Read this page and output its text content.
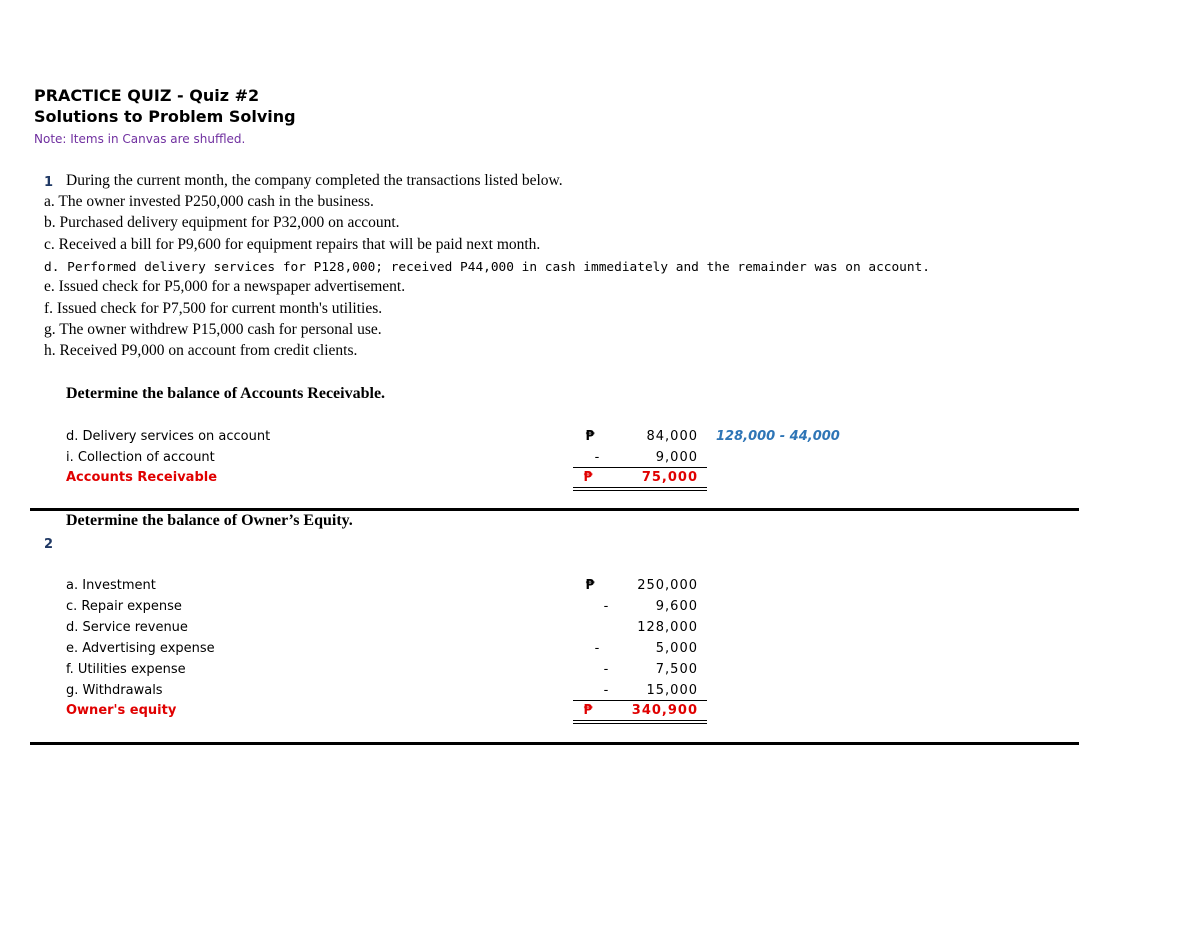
PRACTICE QUIZ - Quiz #2
Solutions to Problem Solving
Note: Items in Canvas are shuffled.
1 During the current month, the company completed the transactions listed below.
a. The owner invested P250,000 cash in the business.
b. Purchased delivery equipment for P32,000 on account.
c. Received a bill for P9,600 for equipment repairs that will be paid next month.
d. Performed delivery services for P128,000; received P44,000 in cash immediately and the remainder was on account.
e. Issued check for P5,000 for a newspaper advertisement.
f. Issued check for P7,500 for current month's utilities.
g. The owner withdrew P15,000 cash for personal use.
h. Received P9,000 on account from credit clients.
Determine the balance of Accounts Receivable.
d. Delivery services on account	₱	84,000 128,000 - 44,000
i. Collection of account	-	9,000
Accounts Receivable	₱	75,000
Determine the balance of Owner’s Equity.
2
a. Investment	₱	250,000
c. Repair expense	-	9,600
d. Service revenue	128,000
e. Advertising expense	-	5,000
f. Utilities expense	-	7,500
g. Withdrawals	-	15,000
Owner's equity	₱	340,900
